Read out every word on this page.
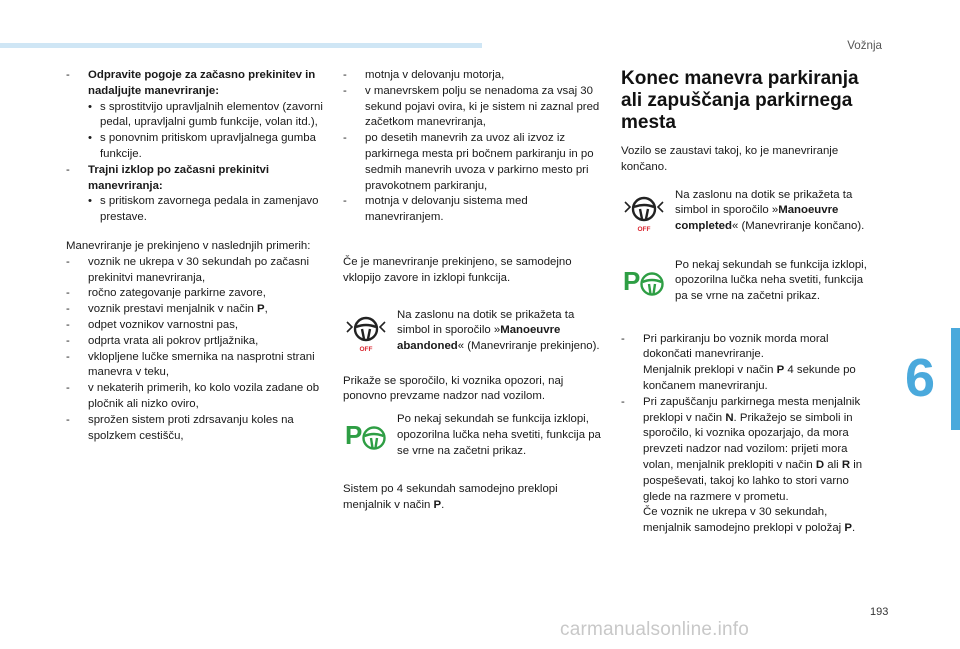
Vožnja
- Odpravite pogoje za začasno prekinitev in nadaljujte manevriranje:
• s sprostitvijo upravljalnih elementov (zavorni pedal, upravljalni gumb funkcije, volan itd.),
• s ponovnim pritiskom upravljalnega gumba funkcije.
- Trajni izklop po začasni prekinitvi manevriranja:
• s pritiskom zavornega pedala in zamenjavo prestave.

Manevriranje je prekinjeno v naslednjih primerih:

- voznik ne ukrepa v 30 sekundah po začasni prekinitvi manevriranja,
- ročno zategovanje parkirne zavore,
- voznik prestavi menjalnik v način P,
- odpet voznikov varnostni pas,
- odprta vrata ali pokrov prtljažnika,
- vklopljene lučke smernika na nasprotni strani manevra v teku,
- v nekaterih primerih, ko kolo vozila zadane ob pločnik ali nizko oviro,
- sprožen sistem proti zdrsavanju koles na spolzkem cestišču,
- motnja v delovanju motorja,
- v manevrskem polju se nenadoma za vsaj 30 sekund pojavi ovira, ki je sistem ni zaznal pred začetkom manevriranja,
- po desetih manevrih za uvoz ali izvoz iz parkirnega mesta pri bočnem parkiranju in po sedmih manevrih uvoza v parkirno mesto pri pravokotnem parkiranju,
- motnja v delovanju sistema med manevriranjem.

Če je manevriranje prekinjeno, se samodejno vklopijo zavore in izklopi funkcija.

OFF
Na zaslonu na dotik se prikažeta ta simbol in sporočilo »Manoeuvre abandoned« (Manevriranje prekinjeno).

Prikaže se sporočilo, ki voznika opozori, naj ponovno prevzame nadzor nad vozilom.

P
Po nekaj sekundah se funkcija izklopi, opozorilna lučka neha svetiti, funkcija pa se vrne na začetni prikaz.

Sistem po 4 sekundah samodejno preklopi menjalnik v način P.

Konec manevra parkiranja ali zapuščanja parkirnega mesta

Vozilo se zaustavi takoj, ko je manevriranje končano.

OFF
Na zaslonu na dotik se prikažeta ta simbol in sporočilo »Manoeuvre completed« (Manevriranje končano).
P
Po nekaj sekundah se funkcija izklopi, opozorilna lučka neha svetiti, funkcija pa se vrne na začetni prikaz.
- Pri parkiranju bo voznik morda moral dokončati manevriranje.
Menjalnik preklopi v način P 4 sekunde po končanem manevriranju.
- Pri zapuščanju parkirnega mesta menjalnik preklopi v način N. Prikažejo se simboli in sporočilo, ki voznika opozarjajo, da mora prevzeti nadzor nad vozilom: prijeti mora volan, menjalnik preklopiti v način D ali R in pospeševati, takoj ko lahko to stori varno glede na razmere v prometu.
Če voznik ne ukrepa v 30 sekundah, menjalnik samodejno preklopi v položaj P.
6
193
carmanualsonline.info
